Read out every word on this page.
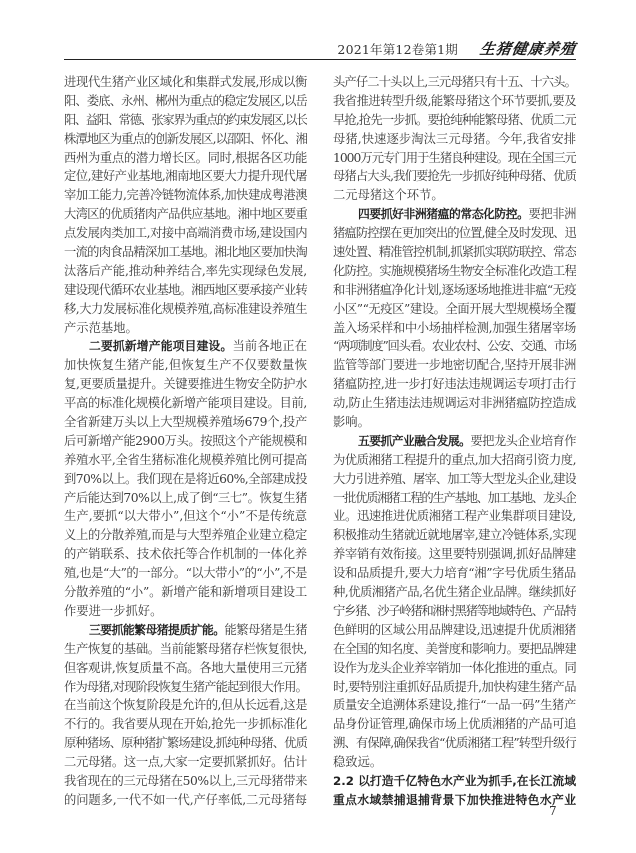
2021年第12卷第1期 生猪健康养殖
进现代生猪产业区域化和集群式发展,形成以衡
阳、娄底、永州、郴州为重点的稳定发展区,以岳
阳、益阳、常德、张家界为重点的约束发展区,以长
株潭地区为重点的创新发展区,以邵阳、怀化、湘
西州为重点的潜力增长区。同时,根据各区功能
定位,建好产业基地,湘南地区要大力提升现代屠
宰加工能力,完善冷链物流体系,加快建成粤港澳
大湾区的优质猪肉产品供应基地。湘中地区要重
点发展肉类加工,对接中高端消费市场,建设国内
一流的肉食品精深加工基地。湘北地区要加快淘
汰落后产能,推动种养结合,率先实现绿色发展,
建设现代循环农业基地。湘西地区要承接产业转
移,大力发展标准化规模养殖,高标准建设养殖生
产示范基地。
二要抓新增产能项目建设。当前各地正在
加快恢复生猪产能,但恢复生产不仅要数量恢
复,更要质量提升。关键要推进生物安全防护水
平高的标准化规模化新增产能项目建设。目前,
全省新建万头以上大型规模养殖场679个,投产
后可新增产能2900万头。按照这个产能规模和
养殖水平,全省生猪标准化规模养殖比例可提高
到70%以上。我们现在是将近60%,全部建成投
产后能达到70%以上,成了倒“三七”。恢复生猪
生产,要抓“以大带小”,但这个“小”不是传统意
义上的分散养殖,而是与大型养殖企业建立稳定
的产销联系、技术依托等合作机制的一体化养
殖,也是“大”的一部分。“以大带小”的“小”,不是
分散养殖的“小”。新增产能和新增项目建设工
作要进一步抓好。
三要抓能繁母猪提质扩能。能繁母猪是生猪
生产恢复的基础。当前能繁母猪存栏恢复很快,
但客观讲,恢复质量不高。各地大量使用三元猪
作为母猪,对现阶段恢复生猪产能起到很大作用。
在当前这个恢复阶段是允许的,但从长远看,这是
不行的。我省要从现在开始,抢先一步抓标准化
原种猪场、原种猪扩繁场建设,抓纯种母猪、优质
二元母猪。这一点,大家一定要抓紧抓好。估计
我省现在的三元母猪在50%以上,三元母猪带来
的问题多,一代不如一代,产仔率低,二元母猪每
头产仔二十头以上,三元母猪只有十五、十六头。
我省推进转型升级,能繁母猪这个环节要抓,要及
早抢,抢先一步抓。要抢纯种能繁母猪、优质二元
母猪,快速逐步淘汰三元母猪。今年,我省安排
1000万元专门用于生猪良种建设。现在全国三元
母猪占大头,我们要抢先一步抓好纯种母猪、优质
二元母猪这个环节。
四要抓好非洲猪瘟的常态化防控。要把非洲
猪瘟防控摆在更加突出的位置,健全及时发现、迅
速处置、精准管控机制,抓紧抓实联防联控、常态
化防控。实施规模猪场生物安全标准化改造工程
和非洲猪瘟净化计划,逐场逐场地推进非瘟“无疫
小区”“无疫区”建设。全面开展大型规模场全覆
盖入场采样和中小场抽样检测,加强生猪屠宰场
“两项制度”回头看。农业农村、公安、交通、市场
监管等部门要进一步地密切配合,坚持开展非洲
猪瘟防控,进一步打好违法违规调运专项打击行
动,防止生猪违法违规调运对非洲猪瘟防控造成
影响。
五要抓产业融合发展。要把龙头企业培育作
为优质湘猪工程提升的重点,加大招商引资力度,
大力引进养殖、屠宰、加工等大型龙头企业,建设
一批优质湘猪工程的生产基地、加工基地、龙头企
业。迅速推进优质湘猪工程产业集群项目建设,
积极推动生猪就近就地屠宰,建立冷链体系,实现
养宰销有效衔接。这里要特别强调,抓好品牌建
设和品质提升,要大力培育“湘”字号优质生猪品
种,优质湘猪产品,名优生猪企业品牌。继续抓好
宁乡猪、沙子岭猪和湘村黑猪等地域特色、产品特
色鲜明的区域公用品牌建设,迅速提升优质湘猪
在全国的知名度、美誉度和影响力。要把品牌建
设作为龙头企业养宰销加一体化推进的重点。同
时,要特别注重抓好品质提升,加快构建生猪产品
质量安全追溯体系建设,推行“一品一码”生猪产
品身份证管理,确保市场上优质湘猪的产品可追
溯、有保障,确保我省“优质湘猪工程”转型升级行
稳致远。
2.2 以打造千亿特色水产业为抓手,在长江流域
重点水域禁捕退捕背景下加快推进特色水产业
7
